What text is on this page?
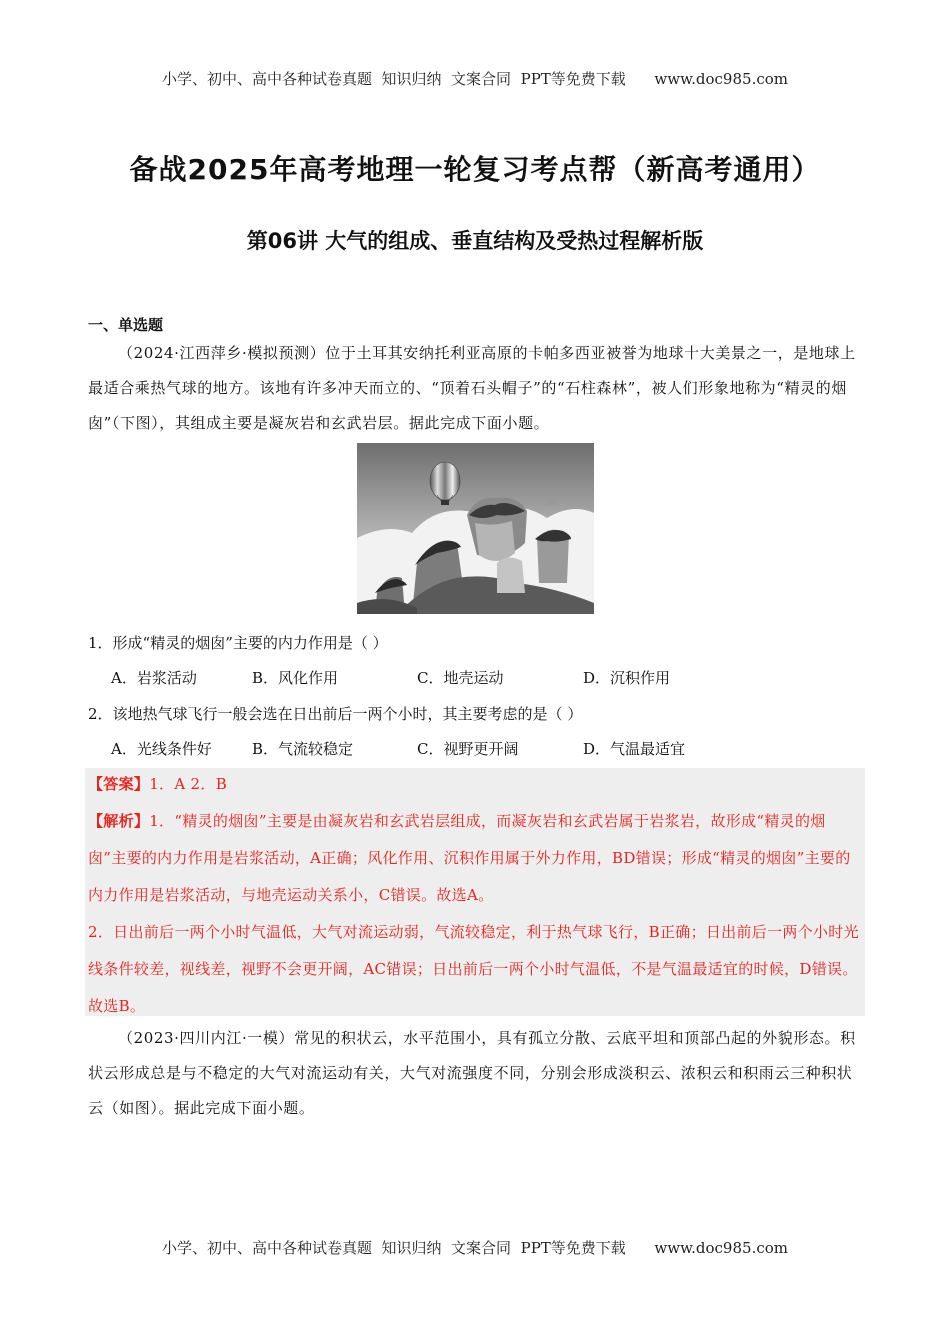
小学、初中、高中各种试卷真题  知识归纳  文案合同  PPT等免费下载      www.doc985.com
备战2025年高考地理一轮复习考点帮（新高考通用）
第06讲 大气的组成、垂直结构及受热过程解析版
一、单选题

（2024·江西萍乡·模拟预测）位于土耳其安纳托利亚高原的卡帕多西亚被誉为地球十大美景之一，是地球上最适合乘热气球的地方。该地有许多冲天而立的、“顶着石头帽子”的“石柱森林”，被人们形象地称为“精灵的烟囱”（下图），其组成主要是凝灰岩和玄武岩层。据此完成下面小题。

1．形成“精灵的烟囱”主要的内力作用是（ ）
A．岩浆活动	B．风化作用	C．地壳运动	D．沉积作用
2．该地热气球飞行一般会选在日出前后一两个小时，其主要考虑的是（ ）
A．光线条件好	B．气流较稳定	C．视野更开阔	D．气温最适宜

【答案】1．A 2．B

【解析】1．“精灵的烟囱”主要是由凝灰岩和玄武岩层组成，而凝灰岩和玄武岩属于岩浆岩，故形成“精灵的烟囱”主要的内力作用是岩浆活动，A正确；风化作用、沉积作用属于外力作用，BD错误；形成“精灵的烟囱”主要的内力作用是岩浆活动，与地壳运动关系小，C错误。故选A。

2．日出前后一两个小时气温低，大气对流运动弱，气流较稳定，利于热气球飞行，B正确；日出前后一两个小时光线条件较差，视线差，视野不会更开阔，AC错误；日出前后一两个小时气温低，不是气温最适宜的时候，D错误。故选B。

（2023·四川内江·一模）常见的积状云，水平范围小，具有孤立分散、云底平坦和顶部凸起的外貌形态。积状云形成总是与不稳定的大气对流运动有关，大气对流强度不同，分别会形成淡积云、浓积云和积雨云三种积状云（如图）。据此完成下面小题。

小学、初中、高中各种试卷真题  知识归纳  文案合同  PPT等免费下载      www.doc985.com
